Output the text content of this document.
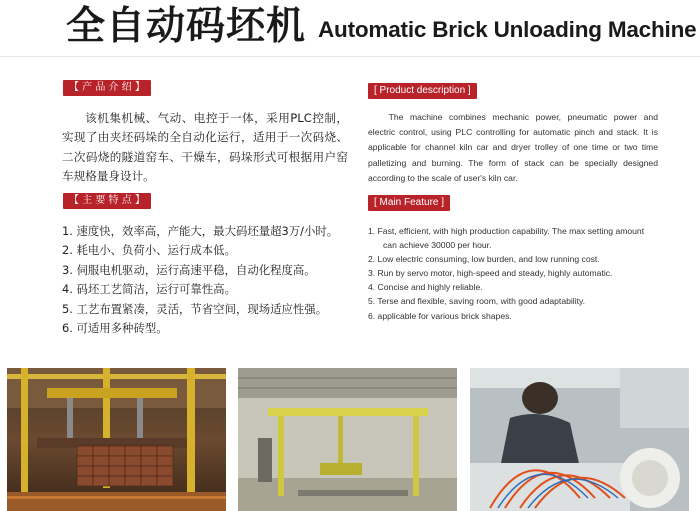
全自动码坯机 Automatic Brick Unloading Machine
【 产 品 介 绍 】	[ Product description ]
该机集机械、气动、电控于一体，采用PLC控制，实现了由夹坯码垛的全自动化运行，适用于一次码烧、二次码烧的隧道窑车、干燥车，码垛形式可根据用户窑车规格量身设计。
The machine combines mechanic power, pneumatic power and electric control, using PLC controlling for automatic pinch and stack. It is applicable for channel kiln car and dryer trolley of one time or two time palletizing and burning. The form of stack can be specially designed according to the scale of user's kiln car.
【 主 要 特 点 】	[ Main Feature ]
1. 速度快，效率高，产能大，最大码坯量超3万/小时。
2. 耗电小、负荷小、运行成本低。
3. 伺服电机驱动，运行高速平稳，自动化程度高。
4. 码坯工艺简洁，运行可靠性高。
5. 工艺布置紧凑，灵活，节省空间，现场适应性强。
6. 可适用多种砖型。
1. Fast, efficient, with high production capability. The max setting amount can achieve 30000 per hour.
2. Low electric consuming, low burden, and low running cost.
3. Run by servo motor, high-speed and steady, highly automatic.
4. Concise and highly reliable.
5. Terse and flexible, saving room, with good adaptability.
6. applicable for various brick shapes.
